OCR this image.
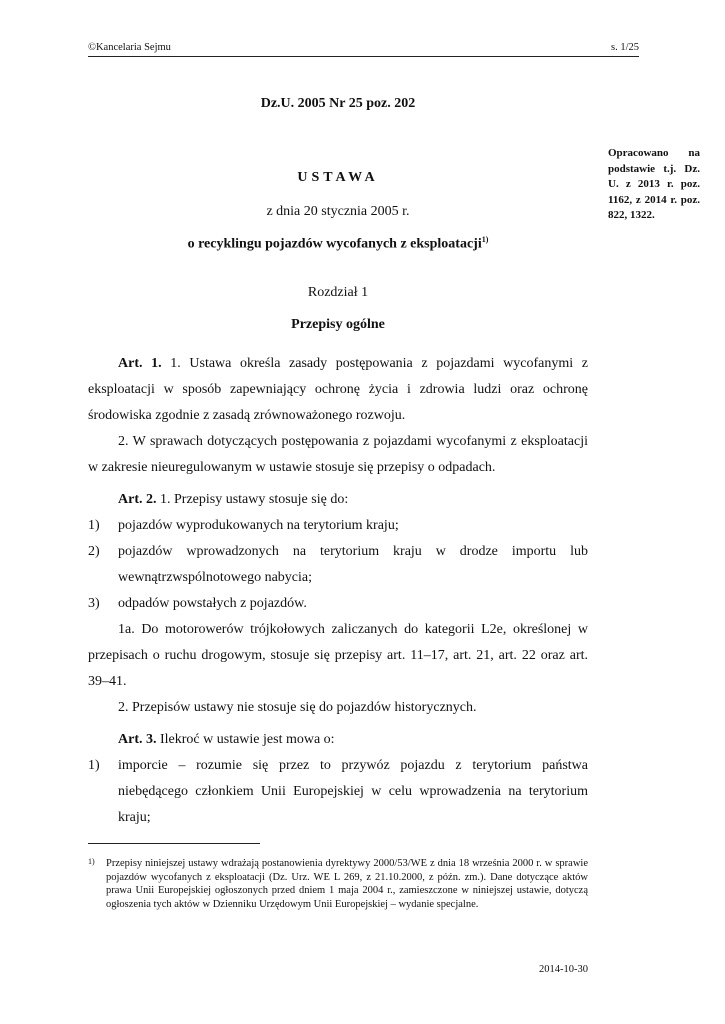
©Kancelaria Sejmu	s. 1/25
Opracowano na podstawie t.j. Dz. U. z 2013 r. poz. 1162, z 2014 r. poz. 822, 1322.
Dz.U. 2005 Nr 25 poz. 202
USTAWA
z dnia 20 stycznia 2005 r.
o recyklingu pojazdów wycofanych z eksploatacji$^{1)}$
Rozdział 1
Przepisy ogólne

Art. 1. 1. Ustawa określa zasady postępowania z pojazdami wycofanymi z eksploatacji w sposób zapewniający ochronę życia i zdrowia ludzi oraz ochronę środowiska zgodnie z zasadą zrównoważonego rozwoju.

2. W sprawach dotyczących postępowania z pojazdami wycofanymi z eksploatacji w zakresie nieuregulowanym w ustawie stosuje się przepisy o odpadach.

Art. 2. 1. Przepisy ustawy stosuje się do:

1)	pojazdów wyprodukowanych na terytorium kraju;
2)	pojazdów wprowadzonych na terytorium kraju w drodze importu lub wewnątrzwspólnotowego nabycia;
3)	odpadów powstałych z pojazdów.

1a. Do motorowerów trójkołowych zaliczanych do kategorii L2e, określonej w przepisach o ruchu drogowym, stosuje się przepisy art. 11–17, art. 21, art. 22 oraz art. 39–41.

2. Przepisów ustawy nie stosuje się do pojazdów historycznych.

Art. 3. Ilekroć w ustawie jest mowa o:

1)	imporcie – rozumie się przez to przywóz pojazdu z terytorium państwa niebędącego członkiem Unii Europejskiej w celu wprowadzenia na terytorium kraju;
1)	Przepisy niniejszej ustawy wdrażają postanowienia dyrektywy 2000/53/WE z dnia 18 września 2000 r. w sprawie pojazdów wycofanych z eksploatacji (Dz. Urz. WE L 269, z 21.10.2000, z późn. zm.). Dane dotyczące aktów prawa Unii Europejskiej ogłoszonych przed dniem 1 maja 2004 r., zamieszczone w niniejszej ustawie, dotyczą ogłoszenia tych aktów w Dzienniku Urzędowym Unii Europejskiej – wydanie specjalne.
2014-10-30
